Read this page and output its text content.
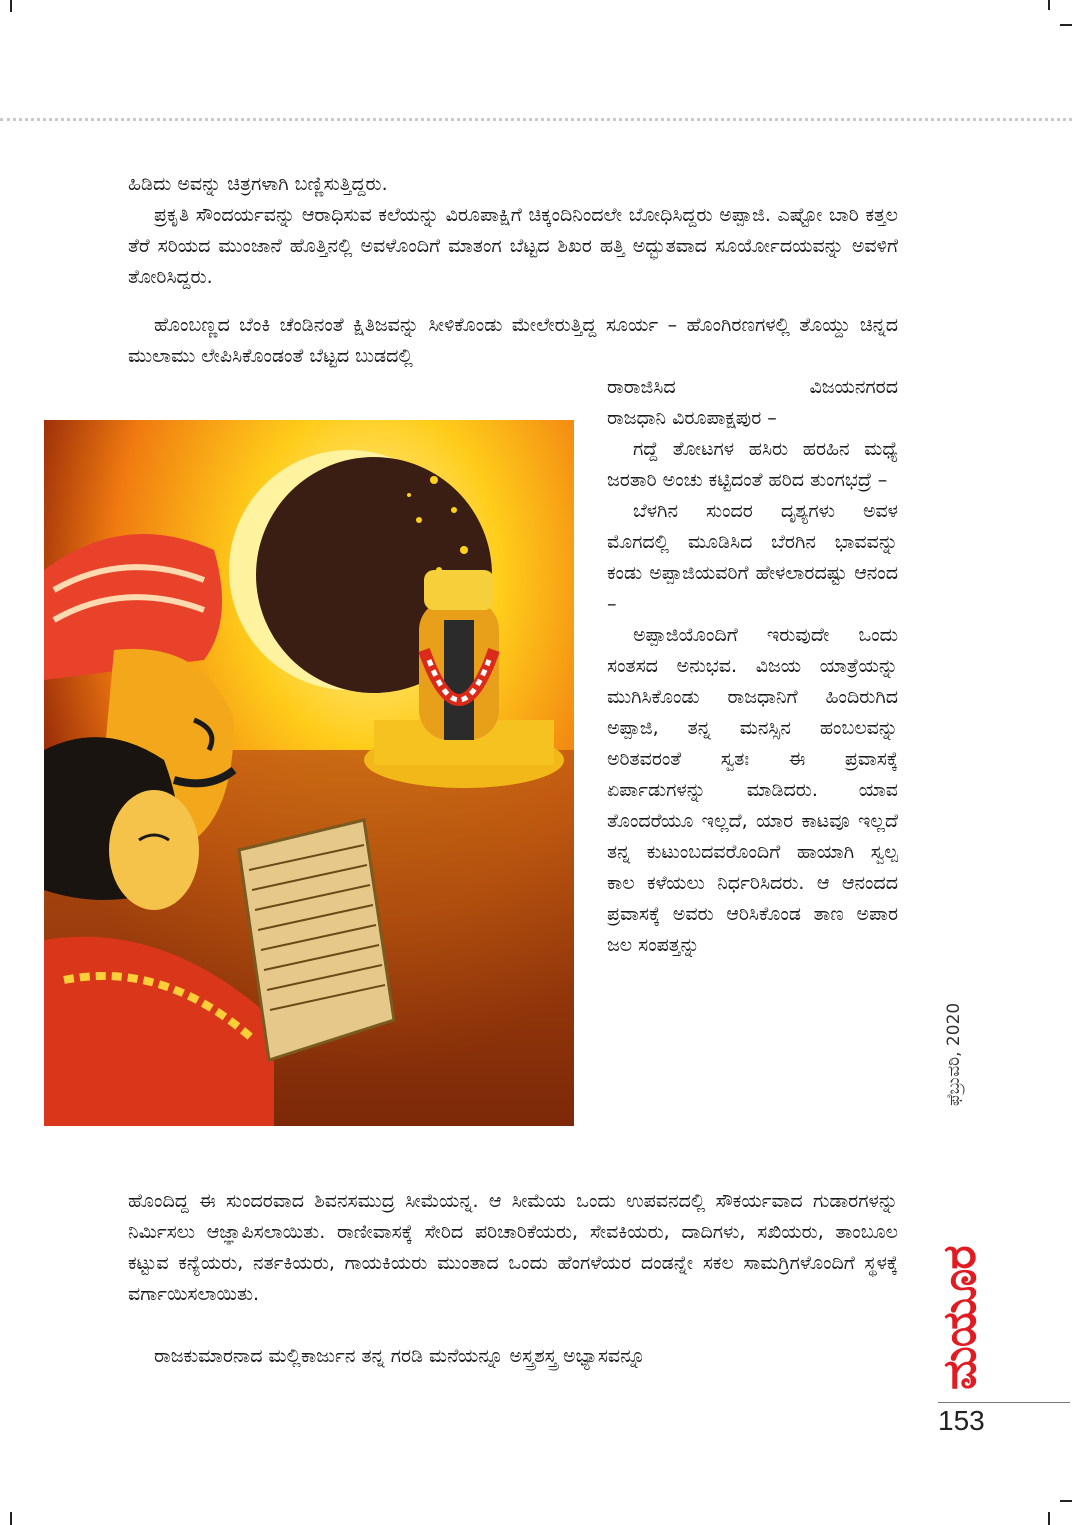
ಹಿಡಿದು ಅವನ್ನು ಚಿತ್ರಗಳಾಗಿ ಬಣ್ಣಿಸುತ್ತಿದ್ದರು.

ಪ್ರಕೃತಿ ಸೌಂದರ್ಯವನ್ನು ಆರಾಧಿಸುವ ಕಲೆಯನ್ನು ವಿರೂಪಾಕ್ಷಿಗೆ ಚಿಕ್ಕಂದಿನಿಂದಲೇ ಬೋಧಿಸಿದ್ದರು ಅಪ್ಪಾಜಿ. ಎಷ್ಟೋ ಬಾರಿ ಕತ್ತಲ ತೆರೆ ಸರಿಯದ ಮುಂಜಾನೆ ಹೊತ್ತಿನಲ್ಲಿ ಅವಳೊಂದಿಗೆ ಮಾತಂಗ ಬೆಟ್ಟದ ಶಿಖರ ಹತ್ತಿ ಅದ್ಭುತವಾದ ಸೂರ್ಯೋದಯವನ್ನು ಅವಳಿಗೆ ತೋರಿಸಿದ್ದರು.

ಹೊಂಬಣ್ಣದ ಬೆಂಕಿ ಚೆಂಡಿನಂತೆ ಕ್ಷಿತಿಜವನ್ನು ಸೀಳಿಕೊಂಡು ಮೇಲೇರುತ್ತಿದ್ದ ಸೂರ್ಯ – ಹೊಂಗಿರಣಗಳಲ್ಲಿ ತೊಯ್ದು ಚಿನ್ನದ ಮುಲಾಮು ಲೇಪಿಸಿಕೊಂಡಂತೆ ಬೆಟ್ಟದ ಬುಡದಲ್ಲಿ

ರಾರಾಜಿಸಿದ ವಿಜಯನಗರದ

ರಾಜಧಾನಿ ವಿರೂಪಾಕ್ಷಪುರ –

ಗದ್ದೆ ತೋಟಗಳ ಹಸಿರು ಹರಹಿನ ಮಧ್ಯೆ ಜರತಾರಿ ಅಂಚು ಕಟ್ಟಿದಂತೆ ಹರಿದ ತುಂಗಭದ್ರೆ –

ಬೆಳಗಿನ ಸುಂದರ ದೃಶ್ಯಗಳು ಅವಳ ಮೊಗದಲ್ಲಿ ಮೂಡಿಸಿದ ಬೆರಗಿನ ಭಾವವನ್ನು ಕಂಡು ಅಪ್ಪಾಜಿಯವರಿಗೆ ಹೇಳಲಾರದಷ್ಟು ಆನಂದ –

ಅಪ್ಪಾಜಿಯೊಂದಿಗೆ ಇರುವುದೇ ಒಂದು ಸಂತಸದ ಅನುಭವ. ವಿಜಯ ಯಾತ್ರೆಯನ್ನು ಮುಗಿಸಿಕೊಂಡು ರಾಜಧಾನಿಗೆ ಹಿಂದಿರುಗಿದ ಅಪ್ಪಾಜಿ, ತನ್ನ ಮನಸ್ಸಿನ ಹಂಬಲವನ್ನು ಅರಿತವರಂತೆ ಸ್ವತಃ ಈ ಪ್ರವಾಸಕ್ಕೆ ಏರ್ಪಾಡುಗಳನ್ನು ಮಾಡಿದರು. ಯಾವ ತೊಂದರೆಯೂ ಇಲ್ಲದೆ, ಯಾರ ಕಾಟವೂ ಇಲ್ಲದೆ ತನ್ನ ಕುಟುಂಬದವರೊಂದಿಗೆ ಹಾಯಾಗಿ ಸ್ವಲ್ಪ ಕಾಲ ಕಳೆಯಲು ನಿರ್ಧರಿಸಿದರು. ಆ ಆನಂದದ ಪ್ರವಾಸಕ್ಕೆ ಅವರು ಆರಿಸಿಕೊಂಡ ತಾಣ ಅಪಾರ ಜಲ ಸಂಪತ್ತನ್ನು

ಹೊಂದಿದ್ದ ಈ ಸುಂದರವಾದ ಶಿವನಸಮುದ್ರ ಸೀಮೆಯನ್ನ. ಆ ಸೀಮೆಯ ಒಂದು ಉಪವನದಲ್ಲಿ ಸೌಕರ್ಯವಾದ ಗುಡಾರಗಳನ್ನು ನಿರ್ಮಿಸಲು ಆಜ್ಞಾಪಿಸಲಾಯಿತು. ರಾಣೀವಾಸಕ್ಕೆ ಸೇರಿದ ಪರಿಚಾರಿಕೆಯರು, ಸೇವಕಿಯರು, ದಾದಿಗಳು, ಸಖಿಯರು, ತಾಂಬೂಲ ಕಟ್ಟುವ ಕನ್ಯೆಯರು, ನರ್ತಕಿಯರು, ಗಾಯಕಿಯರು ಮುಂತಾದ ಒಂದು ಹೆಂಗಳೆಯರ ದಂಡನ್ನೇ ಸಕಲ ಸಾಮಗ್ರಿಗಳೊಂದಿಗೆ ಸ್ಥಳಕ್ಕೆ ವರ್ಗಾಯಿಸಲಾಯಿತು.

ರಾಜಕುಮಾರನಾದ ಮಲ್ಲಿಕಾರ್ಜುನ ತನ್ನ ಗರಡಿ ಮನೆಯನ್ನೂ ಅಸ್ತ್ರಶಸ್ತ್ರ ಅಭ್ಯಾಸವನ್ನೂ

ಫೆಬ್ರುವರಿ, 2020
ಮಯೂರ
153
